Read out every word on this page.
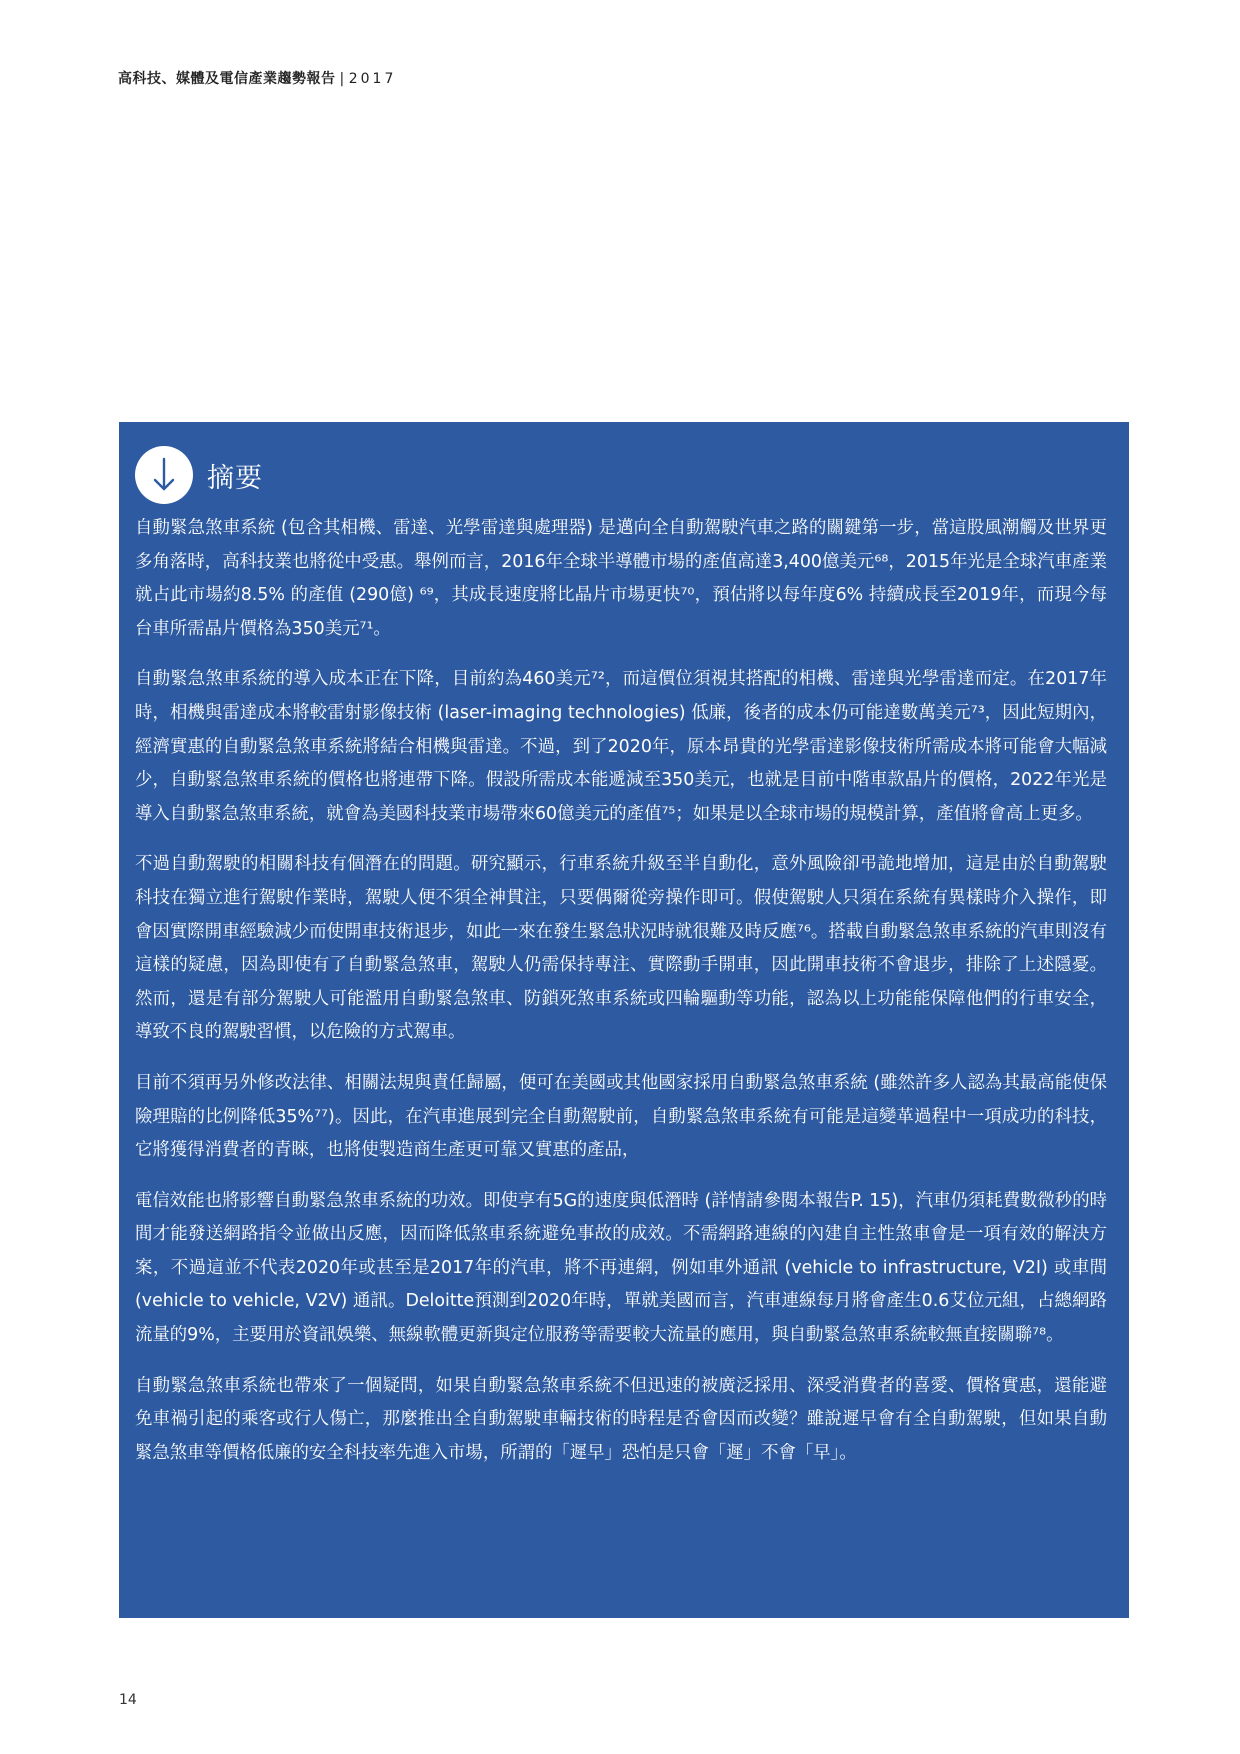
高科技、媒體及電信產業趨勢報告 | 2017
摘要

自動緊急煞車系統 (包含其相機、雷達、光學雷達與處理器) 是邁向全自動駕駛汽車之路的關鍵第一步，當這股風潮觸及世界更多角落時，高科技業也將從中受惠。舉例而言，2016年全球半導體市場的產值高達3,400億美元⁶⁸，2015年光是全球汽車產業就占此市場約8.5% 的產值 (290億) ⁶⁹，其成長速度將比晶片市場更快⁷⁰，預估將以每年度6% 持續成長至2019年，而現今每台車所需晶片價格為350美元⁷¹。

自動緊急煞車系統的導入成本正在下降，目前約為460美元⁷²，而這價位須視其搭配的相機、雷達與光學雷達而定。在2017年時，相機與雷達成本將較雷射影像技術 (laser-imaging technologies) 低廉，後者的成本仍可能達數萬美元⁷³，因此短期內，經濟實惠的自動緊急煞車系統將結合相機與雷達。不過，到了2020年，原本昂貴的光學雷達影像技術所需成本將可能會大幅減少，自動緊急煞車系統的價格也將連帶下降。假設所需成本能遞減至350美元，也就是目前中階車款晶片的價格，2022年光是導入自動緊急煞車系統，就會為美國科技業市場帶來60億美元的產值⁷⁵；如果是以全球市場的規模計算，產值將會高上更多。

不過自動駕駛的相關科技有個潛在的問題。研究顯示，行車系統升級至半自動化，意外風險卻弔詭地增加，這是由於自動駕駛科技在獨立進行駕駛作業時，駕駛人便不須全神貫注，只要偶爾從旁操作即可。假使駕駛人只須在系統有異樣時介入操作，即會因實際開車經驗減少而使開車技術退步，如此一來在發生緊急狀況時就很難及時反應⁷⁶。搭載自動緊急煞車系統的汽車則沒有這樣的疑慮，因為即使有了自動緊急煞車，駕駛人仍需保持專注、實際動手開車，因此開車技術不會退步，排除了上述隱憂。然而，還是有部分駕駛人可能濫用自動緊急煞車、防鎖死煞車系統或四輪驅動等功能，認為以上功能能保障他們的行車安全，導致不良的駕駛習慣，以危險的方式駕車。

目前不須再另外修改法律、相關法規與責任歸屬，便可在美國或其他國家採用自動緊急煞車系統 (雖然許多人認為其最高能使保險理賠的比例降低35%⁷⁷)。因此，在汽車進展到完全自動駕駛前，自動緊急煞車系統有可能是這變革過程中一項成功的科技，它將獲得消費者的青睞，也將使製造商生產更可靠又實惠的產品，

電信效能也將影響自動緊急煞車系統的功效。即使享有5G的速度與低潛時 (詳情請參閱本報告P. 15)，汽車仍須耗費數微秒的時間才能發送網路指令並做出反應，因而降低煞車系統避免事故的成效。不需網路連線的內建自主性煞車會是一項有效的解決方案，不過這並不代表2020年或甚至是2017年的汽車，將不再連網，例如車外通訊 (vehicle to infrastructure, V2I) 或車間 (vehicle to vehicle, V2V) 通訊。Deloitte預測到2020年時，單就美國而言，汽車連線每月將會產生0.6艾位元組，占總網路流量的9%，主要用於資訊娛樂、無線軟體更新與定位服務等需要較大流量的應用，與自動緊急煞車系統較無直接關聯⁷⁸。

自動緊急煞車系統也帶來了一個疑問，如果自動緊急煞車系統不但迅速的被廣泛採用、深受消費者的喜愛、價格實惠，還能避免車禍引起的乘客或行人傷亡，那麼推出全自動駕駛車輛技術的時程是否會因而改變？雖說遲早會有全自動駕駛，但如果自動緊急煞車等價格低廉的安全科技率先進入市場，所謂的「遲早」恐怕是只會「遲」不會「早」。

14
